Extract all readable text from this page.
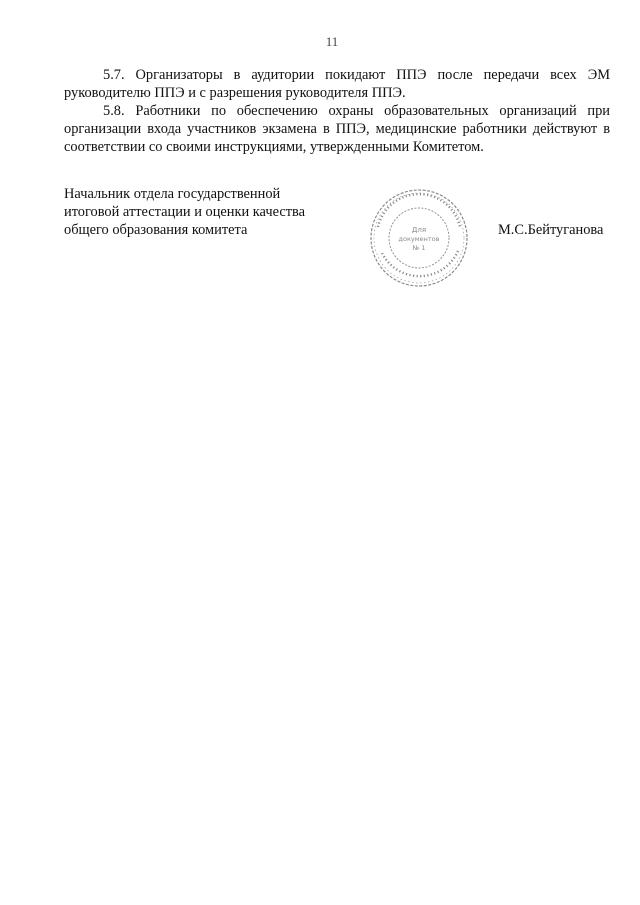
11

5.7. Организаторы в аудитории покидают ППЭ после передачи всех ЭМ руководителю ППЭ и с разрешения руководителя ППЭ.

5.8. Работники по обеспечению охраны образовательных организаций при организации входа участников экзамена в ППЭ, медицинские работники действуют в соответствии со своими инструкциями, утвержденными Комитетом.

Начальник отдела государственной
итоговой аттестации и оценки качества
общего образования комитета	Для
документов
№ 1
М.С.Бейтуганова
